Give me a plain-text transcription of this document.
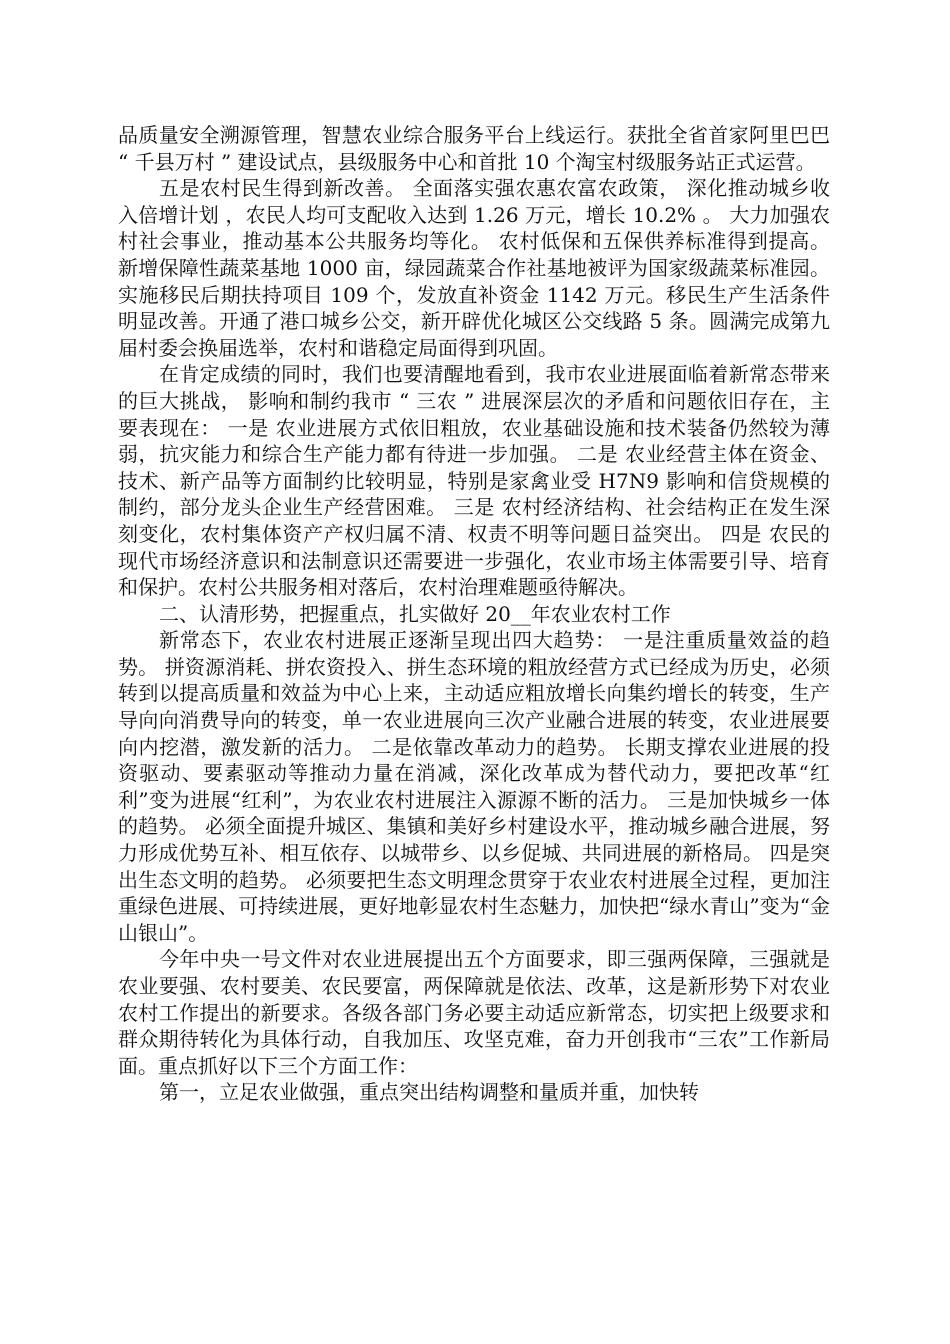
品质量安全溯源管理，智慧农业综合服务平台上线运行。获批全省首家阿里巴巴 “ 千县万村 ” 建设试点，县级服务中心和首批 10 个淘宝村级服务站正式运营。

五是农村民生得到新改善。 全面落实强农惠农富农政策， 深化推动城乡收入倍增计划 ，农民人均可支配收入达到 1.26 万元，增长 10.2% 。 大力加强农村社会事业，推动基本公共服务均等化。 农村低保和五保供养标准得到提高。 新增保障性蔬菜基地 1000 亩，绿园蔬菜合作社基地被评为国家级蔬菜标准园。 实施移民后期扶持项目 109 个，发放直补资金 1142 万元。移民生产生活条件明显改善。开通了港口城乡公交，新开辟优化城区公交线路 5 条。圆满完成第九届村委会换届选举，农村和谐稳定局面得到巩固。

在肯定成绩的同时，我们也要清醒地看到，我市农业进展面临着新常态带来的巨大挑战， 影响和制约我市 “ 三农 ” 进展深层次的矛盾和问题依旧存在，主要表现在： 一是 农业进展方式依旧粗放，农业基础设施和技术装备仍然较为薄弱，抗灾能力和综合生产能力都有待进一步加强。 二是 农业经营主体在资金、技术、新产品等方面制约比较明显，特别是家禽业受 H7N9 影响和信贷规模的制约，部分龙头企业生产经营困难。 三是 农村经济结构、社会结构正在发生深刻变化，农村集体资产产权归属不清、权责不明等问题日益突出。 四是 农民的现代市场经济意识和法制意识还需要进一步强化，农业市场主体需要引导、培育和保护。农村公共服务相对落后，农村治理难题亟待解决。

二、认清形势，把握重点，扎实做好 20__年农业农村工作

新常态下，农业农村进展正逐渐呈现出四大趋势： 一是注重质量效益的趋势。 拼资源消耗、拼农资投入、拼生态环境的粗放经营方式已经成为历史，必须转到以提高质量和效益为中心上来，主动适应粗放增长向集约增长的转变，生产导向向消费导向的转变，单一农业进展向三次产业融合进展的转变，农业进展要向内挖潜，激发新的活力。 二是依靠改革动力的趋势。 长期支撑农业进展的投资驱动、要素驱动等推动力量在消减，深化改革成为替代动力，要把改革“红利”变为进展“红利”，为农业农村进展注入源源不断的活力。 三是加快城乡一体的趋势。 必须全面提升城区、集镇和美好乡村建设水平，推动城乡融合进展，努力形成优势互补、相互依存、以城带乡、以乡促城、共同进展的新格局。 四是突出生态文明的趋势。 必须要把生态文明理念贯穿于农业农村进展全过程，更加注重绿色进展、可持续进展，更好地彰显农村生态魅力，加快把“绿水青山”变为“金山银山”。

今年中央一号文件对农业进展提出五个方面要求，即三强两保障，三强就是农业要强、农村要美、农民要富，两保障就是依法、改革，这是新形势下对农业农村工作提出的新要求。各级各部门务必要主动适应新常态，切实把上级要求和群众期待转化为具体行动，自我加压、攻坚克难，奋力开创我市“三农”工作新局面。重点抓好以下三个方面工作：

第一，立足农业做强，重点突出结构调整和量质并重，加快转
